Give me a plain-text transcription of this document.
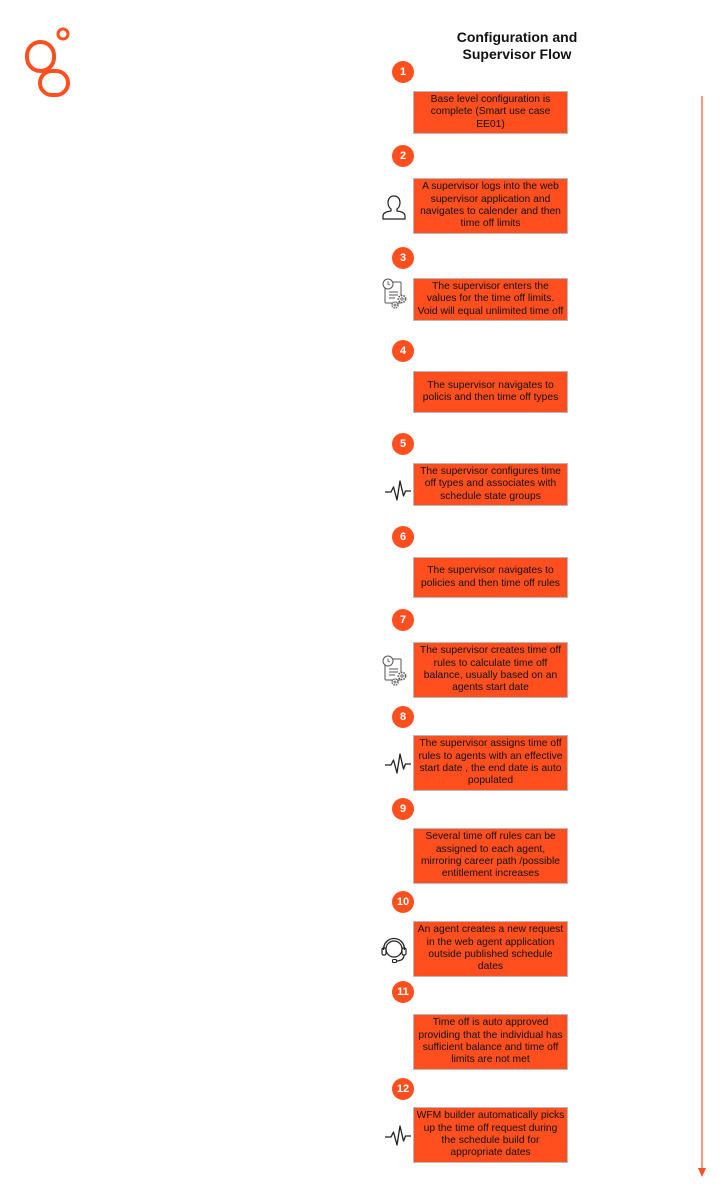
Configuration and
Supervisor Flow
1
2
3
4
5
6
7
8
9
10
11
12
Base level configuration is complete (Smart use case EE01)
A supervisor logs into the web supervisor application and navigates to calender and then time off limits
The supervisor enters the values for the time off limits. Void will equal unlimited time off
The supervisor navigates to policis and then time off types
The supervisor configures time off types and associates with schedule state groups
The supervisor navigates to policies and then time off rules
The supervisor creates time off rules to calculate time off balance, usually based on an agents start date
The supervisor assigns time off rules to agents with an effective start date , the end date is auto populated
Several time off rules can be assigned to each agent, mirroring career path /possible entitlement increases
An agent creates a new request in the web agent application outside published schedule dates
Time off is auto approved providing that the individual has sufficient balance and time off limits are not met
WFM builder automatically picks up the time off request during the schedule build for appropriate dates
